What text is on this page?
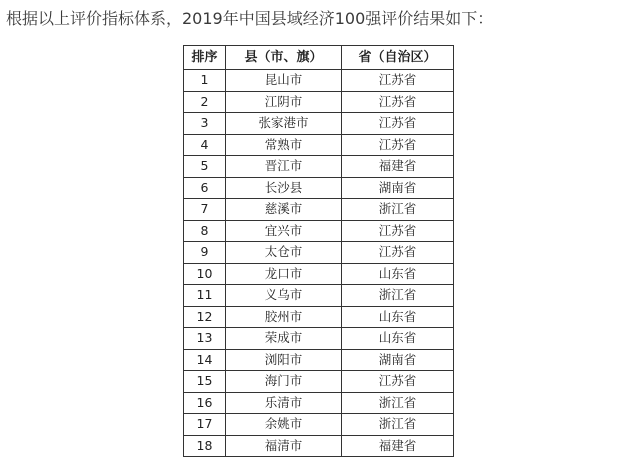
根据以上评价指标体系，2019年中国县域经济100强评价结果如下：
排序	县（市、旗）	省（自治区）
1	昆山市	江苏省
2	江阴市	江苏省
3	张家港市	江苏省
4	常熟市	江苏省
5	晋江市	福建省
6	长沙县	湖南省
7	慈溪市	浙江省
8	宜兴市	江苏省
9	太仓市	江苏省
10	龙口市	山东省
11	义乌市	浙江省
12	胶州市	山东省
13	荣成市	山东省
14	浏阳市	湖南省
15	海门市	江苏省
16	乐清市	浙江省
17	余姚市	浙江省
18	福清市	福建省
